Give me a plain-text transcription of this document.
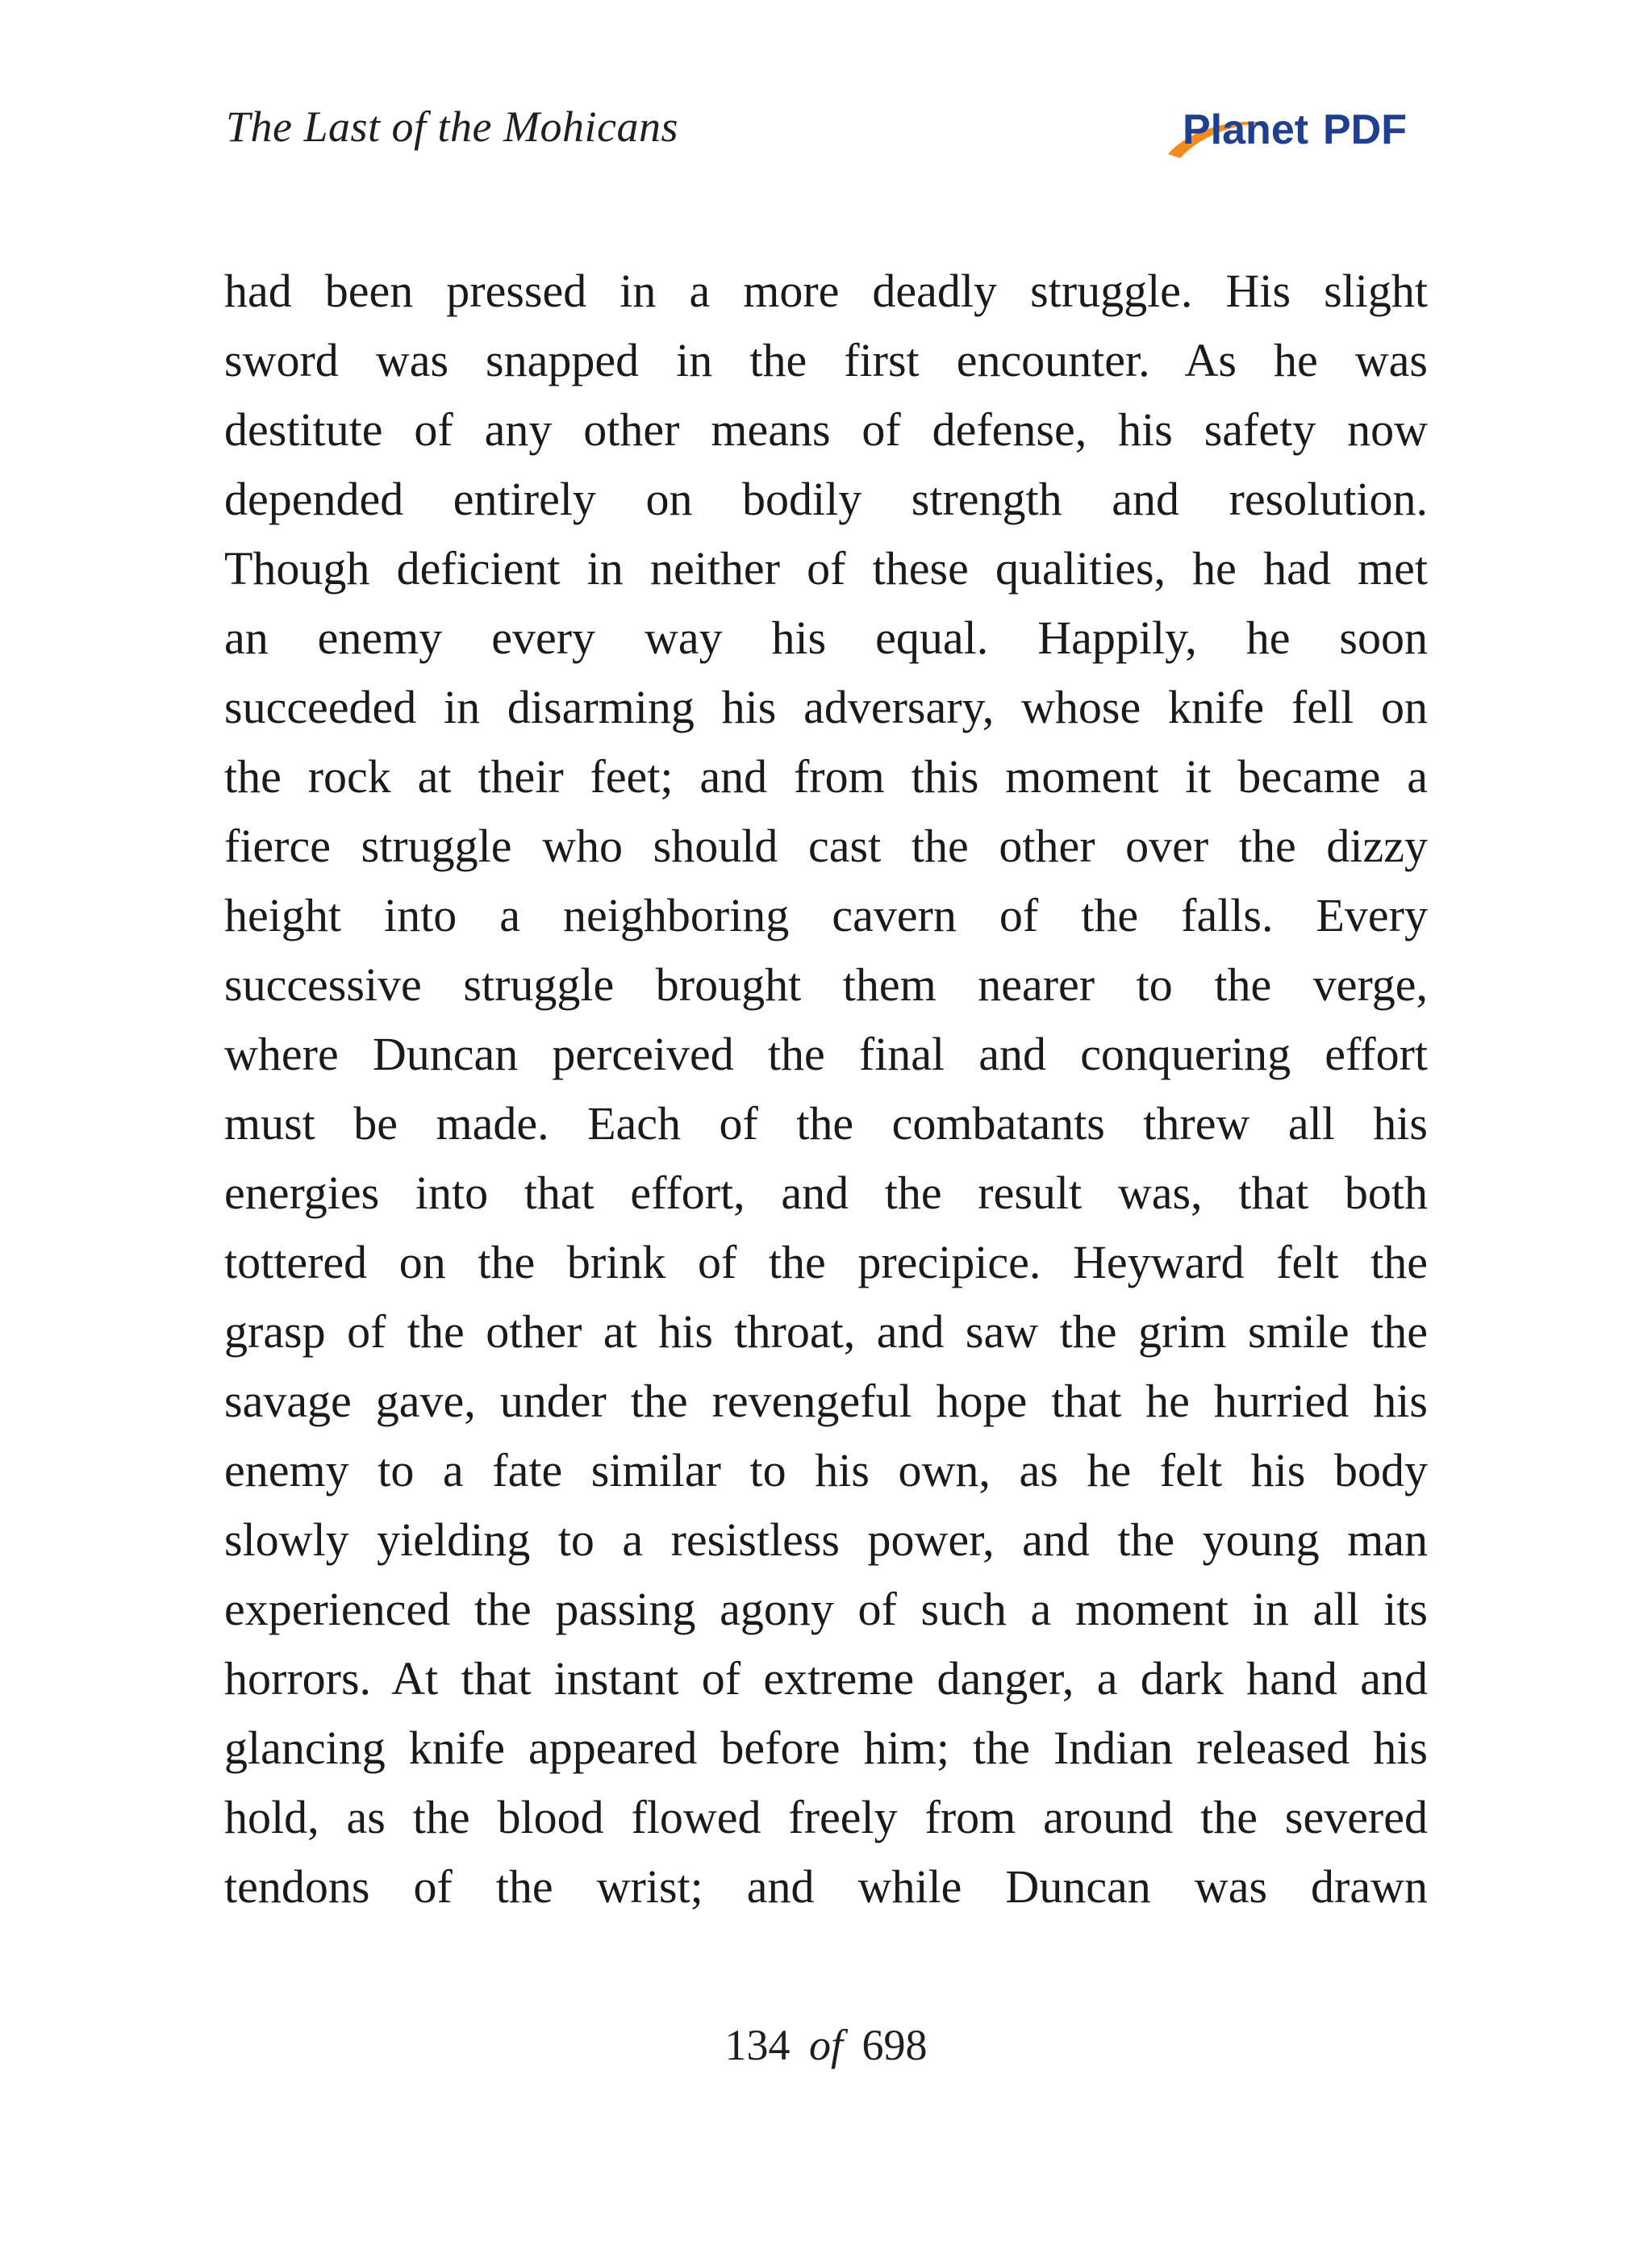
The Last of the Mohicans	Planet PDF
had been pressed in a more deadly struggle. His slight
sword was snapped in the first encounter. As he was
destitute of any other means of defense, his safety now
depended entirely on bodily strength and resolution.
Though deficient in neither of these qualities, he had met
an enemy every way his equal. Happily, he soon
succeeded in disarming his adversary, whose knife fell on
the rock at their feet; and from this moment it became a
fierce struggle who should cast the other over the dizzy
height into a neighboring cavern of the falls. Every
successive struggle brought them nearer to the verge,
where Duncan perceived the final and conquering effort
must be made. Each of the combatants threw all his
energies into that effort, and the result was, that both
tottered on the brink of the precipice. Heyward felt the
grasp of the other at his throat, and saw the grim smile the
savage gave, under the revengeful hope that he hurried his
enemy to a fate similar to his own, as he felt his body
slowly yielding to a resistless power, and the young man
experienced the passing agony of such a moment in all its
horrors. At that instant of extreme danger, a dark hand and
glancing knife appeared before him; the Indian released his
hold, as the blood flowed freely from around the severed
tendons of the wrist; and while Duncan was drawn
134 of 698
